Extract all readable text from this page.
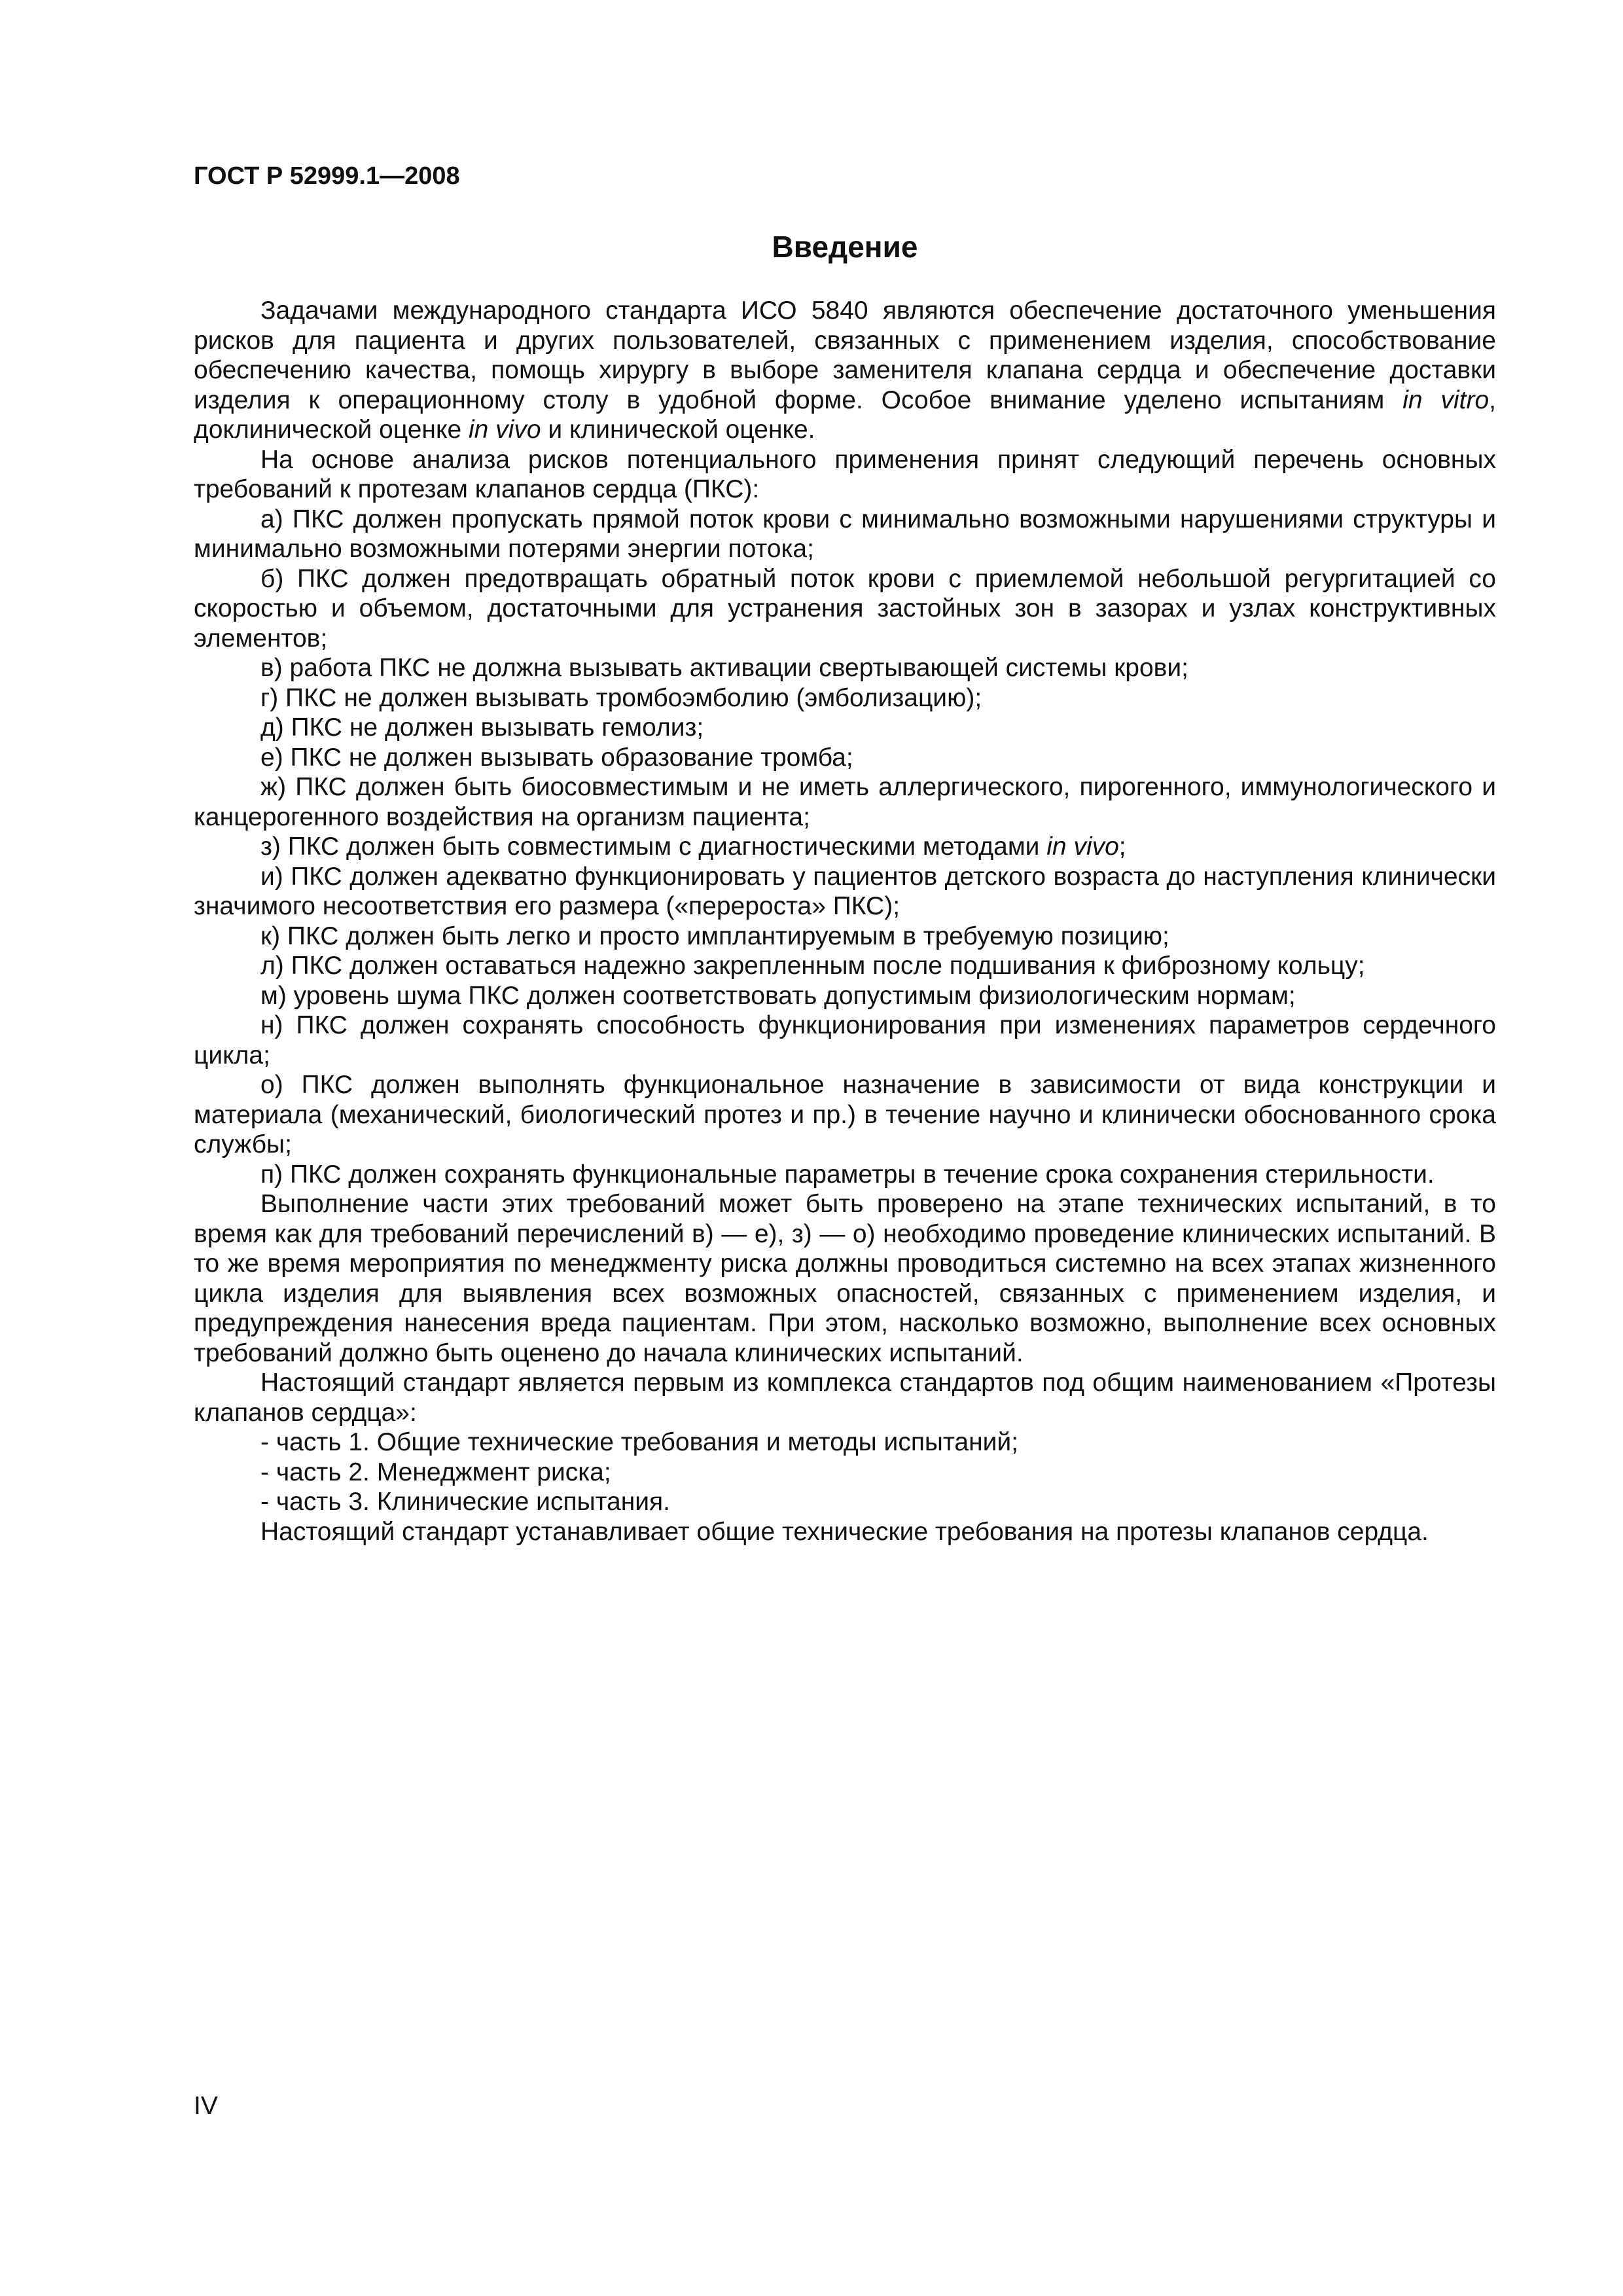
ГОСТ Р 52999.1—2008
Введение

Задачами международного стандарта ИСО 5840 являются обеспечение достаточного уменьшения рисков для пациента и других пользователей, связанных с применением изделия, способствование обеспечению качества, помощь хирургу в выборе заменителя клапана сердца и обеспечение доставки изделия к операционному столу в удобной форме. Особое внимание уделено испытаниям in vitro, доклинической оценке in vivo и клинической оценке.

На основе анализа рисков потенциального применения принят следующий перечень основных требований к протезам клапанов сердца (ПКС):

а) ПКС должен пропускать прямой поток крови с минимально возможными нарушениями структуры и минимально возможными потерями энергии потока;

б) ПКС должен предотвращать обратный поток крови с приемлемой небольшой регургитацией со скоростью и объемом, достаточными для устранения застойных зон в зазорах и узлах конструктивных элементов;

в) работа ПКС не должна вызывать активации свертывающей системы крови;

г) ПКС не должен вызывать тромбоэмболию (эмболизацию);

д) ПКС не должен вызывать гемолиз;

е) ПКС не должен вызывать образование тромба;

ж) ПКС должен быть биосовместимым и не иметь аллергического, пирогенного, иммунологического и канцерогенного воздействия на организм пациента;

з) ПКС должен быть совместимым с диагностическими методами in vivo;

и) ПКС должен адекватно функционировать у пациентов детского возраста до наступления клинически значимого несоответствия его размера («перероста» ПКС);

к) ПКС должен быть легко и просто имплантируемым в требуемую позицию;

л) ПКС должен оставаться надежно закрепленным после подшивания к фиброзному кольцу;

м) уровень шума ПКС должен соответствовать допустимым физиологическим нормам;

н) ПКС должен сохранять способность функционирования при изменениях параметров сердечного цикла;

о) ПКС должен выполнять функциональное назначение в зависимости от вида конструкции и материала (механический, биологический протез и пр.) в течение научно и клинически обоснованного срока службы;

п) ПКС должен сохранять функциональные параметры в течение срока сохранения стерильности.

Выполнение части этих требований может быть проверено на этапе технических испытаний, в то время как для требований перечислений в) — е), з) — о) необходимо проведение клинических испытаний. В то же время мероприятия по менеджменту риска должны проводиться системно на всех этапах жизненного цикла изделия для выявления всех возможных опасностей, связанных с применением изделия, и предупреждения нанесения вреда пациентам. При этом, насколько возможно, выполнение всех основных требований должно быть оценено до начала клинических испытаний.

Настоящий стандарт является первым из комплекса стандартов под общим наименованием «Протезы клапанов сердца»:

- часть 1. Общие технические требования и методы испытаний;

- часть 2. Менеджмент риска;

- часть 3. Клинические испытания.

Настоящий стандарт устанавливает общие технические требования на протезы клапанов сердца.

IV
